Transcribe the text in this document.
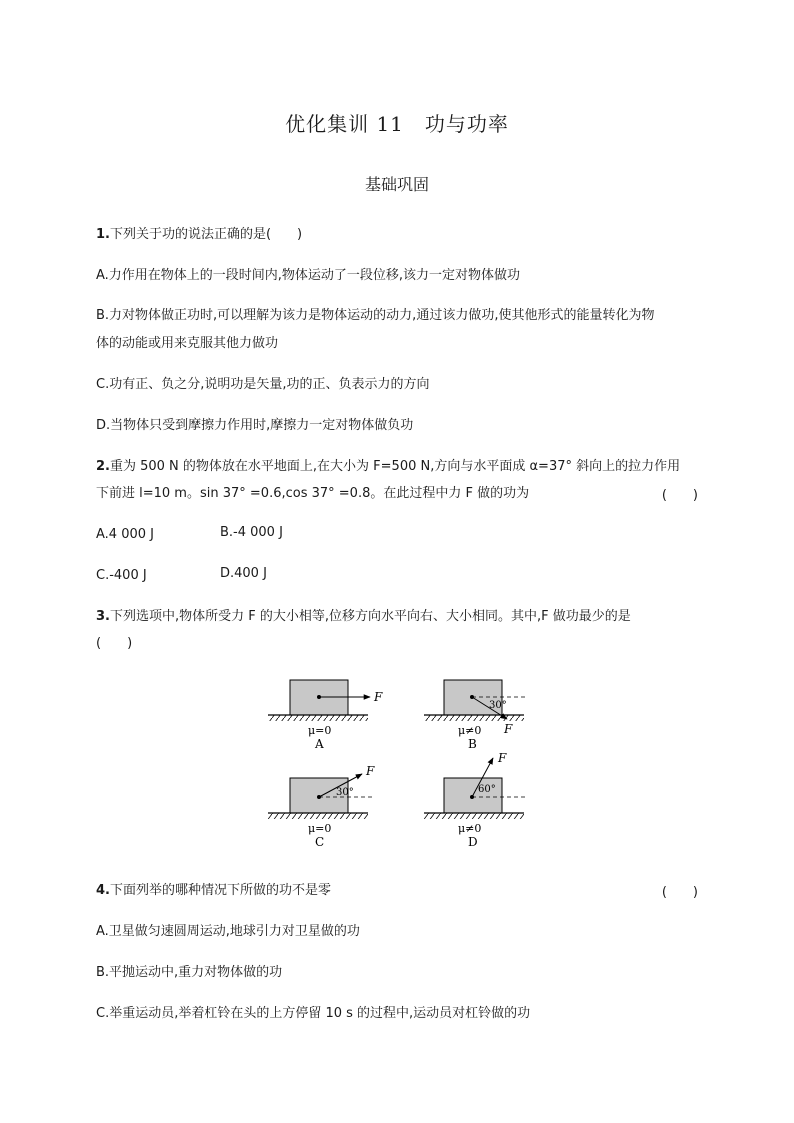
优化集训 11　功与功率
基础巩固
1.下列关于功的说法正确的是(　　)
A.力作用在物体上的一段时间内,物体运动了一段位移,该力一定对物体做功
B.力对物体做正功时,可以理解为该力是物体运动的动力,通过该力做功,使其他形式的能量转化为物
体的动能或用来克服其他力做功
C.功有正、负之分,说明功是矢量,功的正、负表示力的方向
D.当物体只受到摩擦力作用时,摩擦力一定对物体做负功
2.重为 500 N 的物体放在水平地面上,在大小为 F=500 N,方向与水平面成 α=37° 斜向上的拉力作用
下前进 l=10 m。sin 37° =0.6,cos 37° =0.8。在此过程中力 F 做的功为	(　　)
A.4 000 J	B.-4 000 J
C.-400 J	D.400 J
3.下列选项中,物体所受力 F 的大小相等,位移方向水平向右、大小相同。其中,F 做功最少的是
(　　)
F
μ=0
A
30°
F
μ≠0
B
30°
F
μ=0
C
60°
F
μ≠0
D
4.下面列举的哪种情况下所做的功不是零	(　　)
A.卫星做匀速圆周运动,地球引力对卫星做的功
B.平抛运动中,重力对物体做的功
C.举重运动员,举着杠铃在头的上方停留 10 s 的过程中,运动员对杠铃做的功
